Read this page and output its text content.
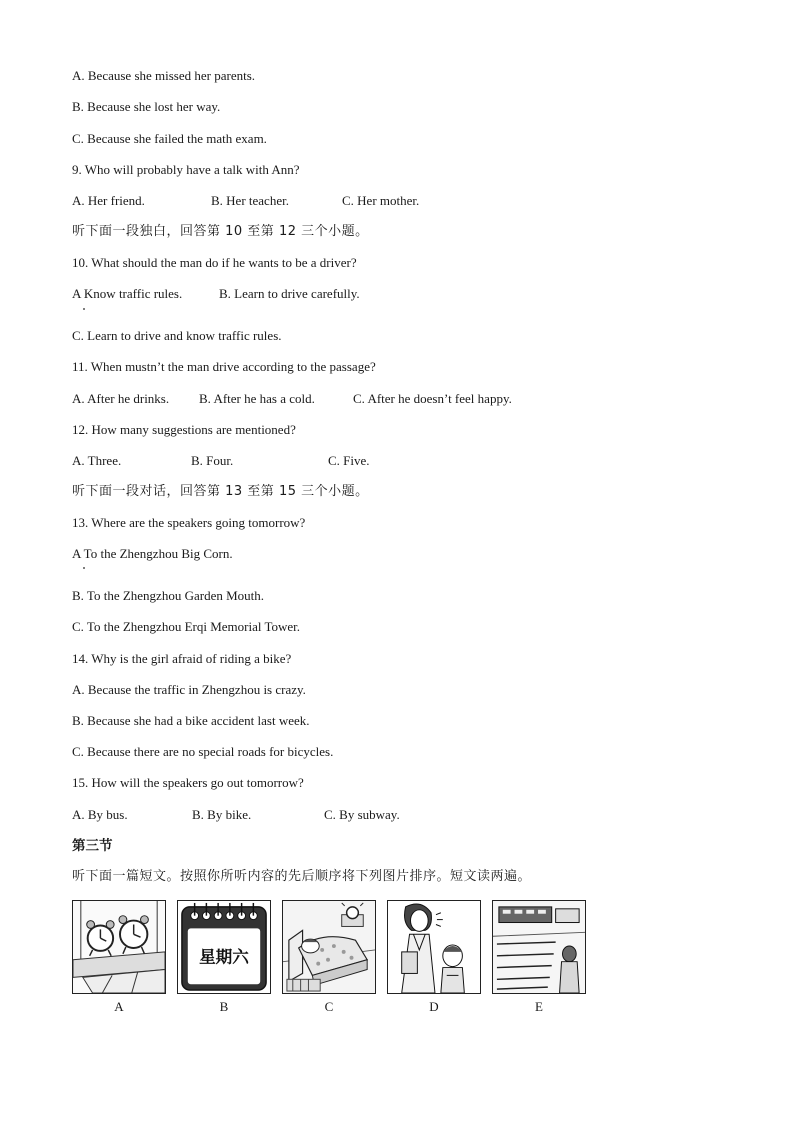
A. Because she missed her parents.
B. Because she lost her way.
C. Because she failed the math exam.
9. Who will probably have a talk with Ann?
A. Her friend.	B. Her teacher.	C. Her mother.
听下面一段独白，回答第 10 至第 12 三个小题。
10. What should the man do if he wants to be a driver?
A Know traffic rules.	B. Learn to drive carefully.
C. Learn to drive and know traffic rules.
11. When mustn’t the man drive according to the passage?
A. After he drinks. B. After he has a cold.	C. After he doesn’t feel happy.
12. How many suggestions are mentioned?
A. Three.	B. Four.	C. Five.
听下面一段对话，回答第 13 至第 15 三个小题。
13. Where are the speakers going tomorrow?
A To the Zhengzhou Big Corn.
B. To the Zhengzhou Garden Mouth.
C. To the Zhengzhou Erqi Memorial Tower.
14. Why is the girl afraid of riding a bike?
A. Because the traffic in Zhengzhou is crazy.
B. Because she had a bike accident last week.
C. Because there are no special roads for bicycles.
15. How will the speakers go out tomorrow?
A. By bus.	B. By bike.	C. By subway.
第三节
听下面一篇短文。按照你所听内容的先后顺序将下列图片排序。短文读两遍。
A
星期六
B	C	D	E
